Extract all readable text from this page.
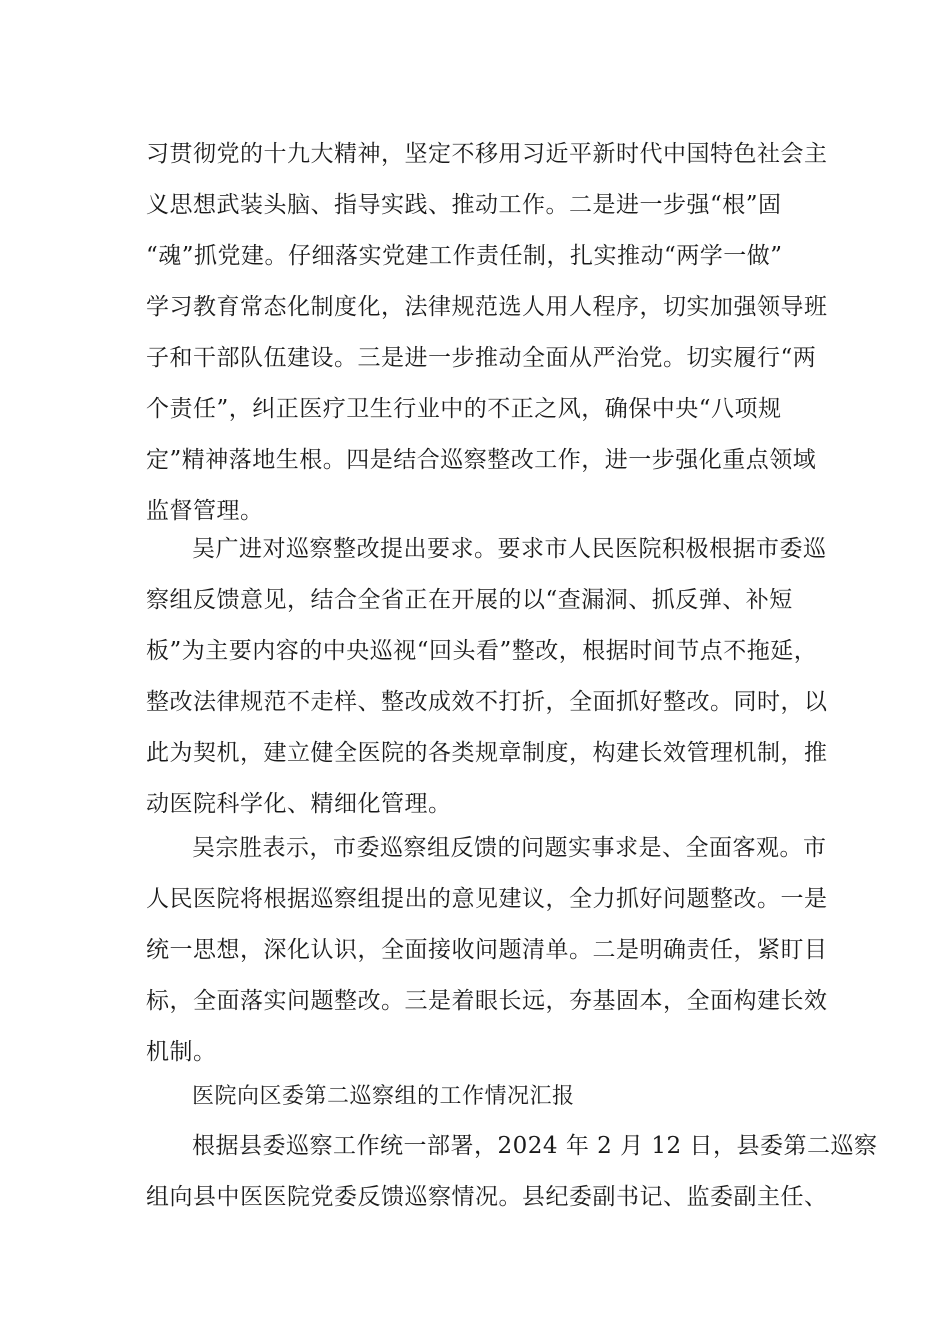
习贯彻党的十九大精神，坚定不移用习近平新时代中国特色社会主
义思想武装头脑、指导实践、推动工作。二是进一步强“根”固
“魂”抓党建。仔细落实党建工作责任制，扎实推动“两学一做”
学习教育常态化制度化，法律规范选人用人程序，切实加强领导班
子和干部队伍建设。三是进一步推动全面从严治党。切实履行“两
个责任”，纠正医疗卫生行业中的不正之风，确保中央“八项规
定”精神落地生根。四是结合巡察整改工作，进一步强化重点领域
监督管理。
吴广进对巡察整改提出要求。要求市人民医院积极根据市委巡
察组反馈意见，结合全省正在开展的以“查漏洞、抓反弹、补短
板”为主要内容的中央巡视“回头看”整改，根据时间节点不拖延，
整改法律规范不走样、整改成效不打折，全面抓好整改。同时，以
此为契机，建立健全医院的各类规章制度，构建长效管理机制，推
动医院科学化、精细化管理。
吴宗胜表示，市委巡察组反馈的问题实事求是、全面客观。市
人民医院将根据巡察组提出的意见建议，全力抓好问题整改。一是
统一思想，深化认识，全面接收问题清单。二是明确责任，紧盯目
标，全面落实问题整改。三是着眼长远，夯基固本，全面构建长效
机制。
医院向区委第二巡察组的工作情况汇报
根据县委巡察工作统一部署，2024 年 2 月 12 日，县委第二巡察
组向县中医医院党委反馈巡察情况。县纪委副书记、监委副主任、
